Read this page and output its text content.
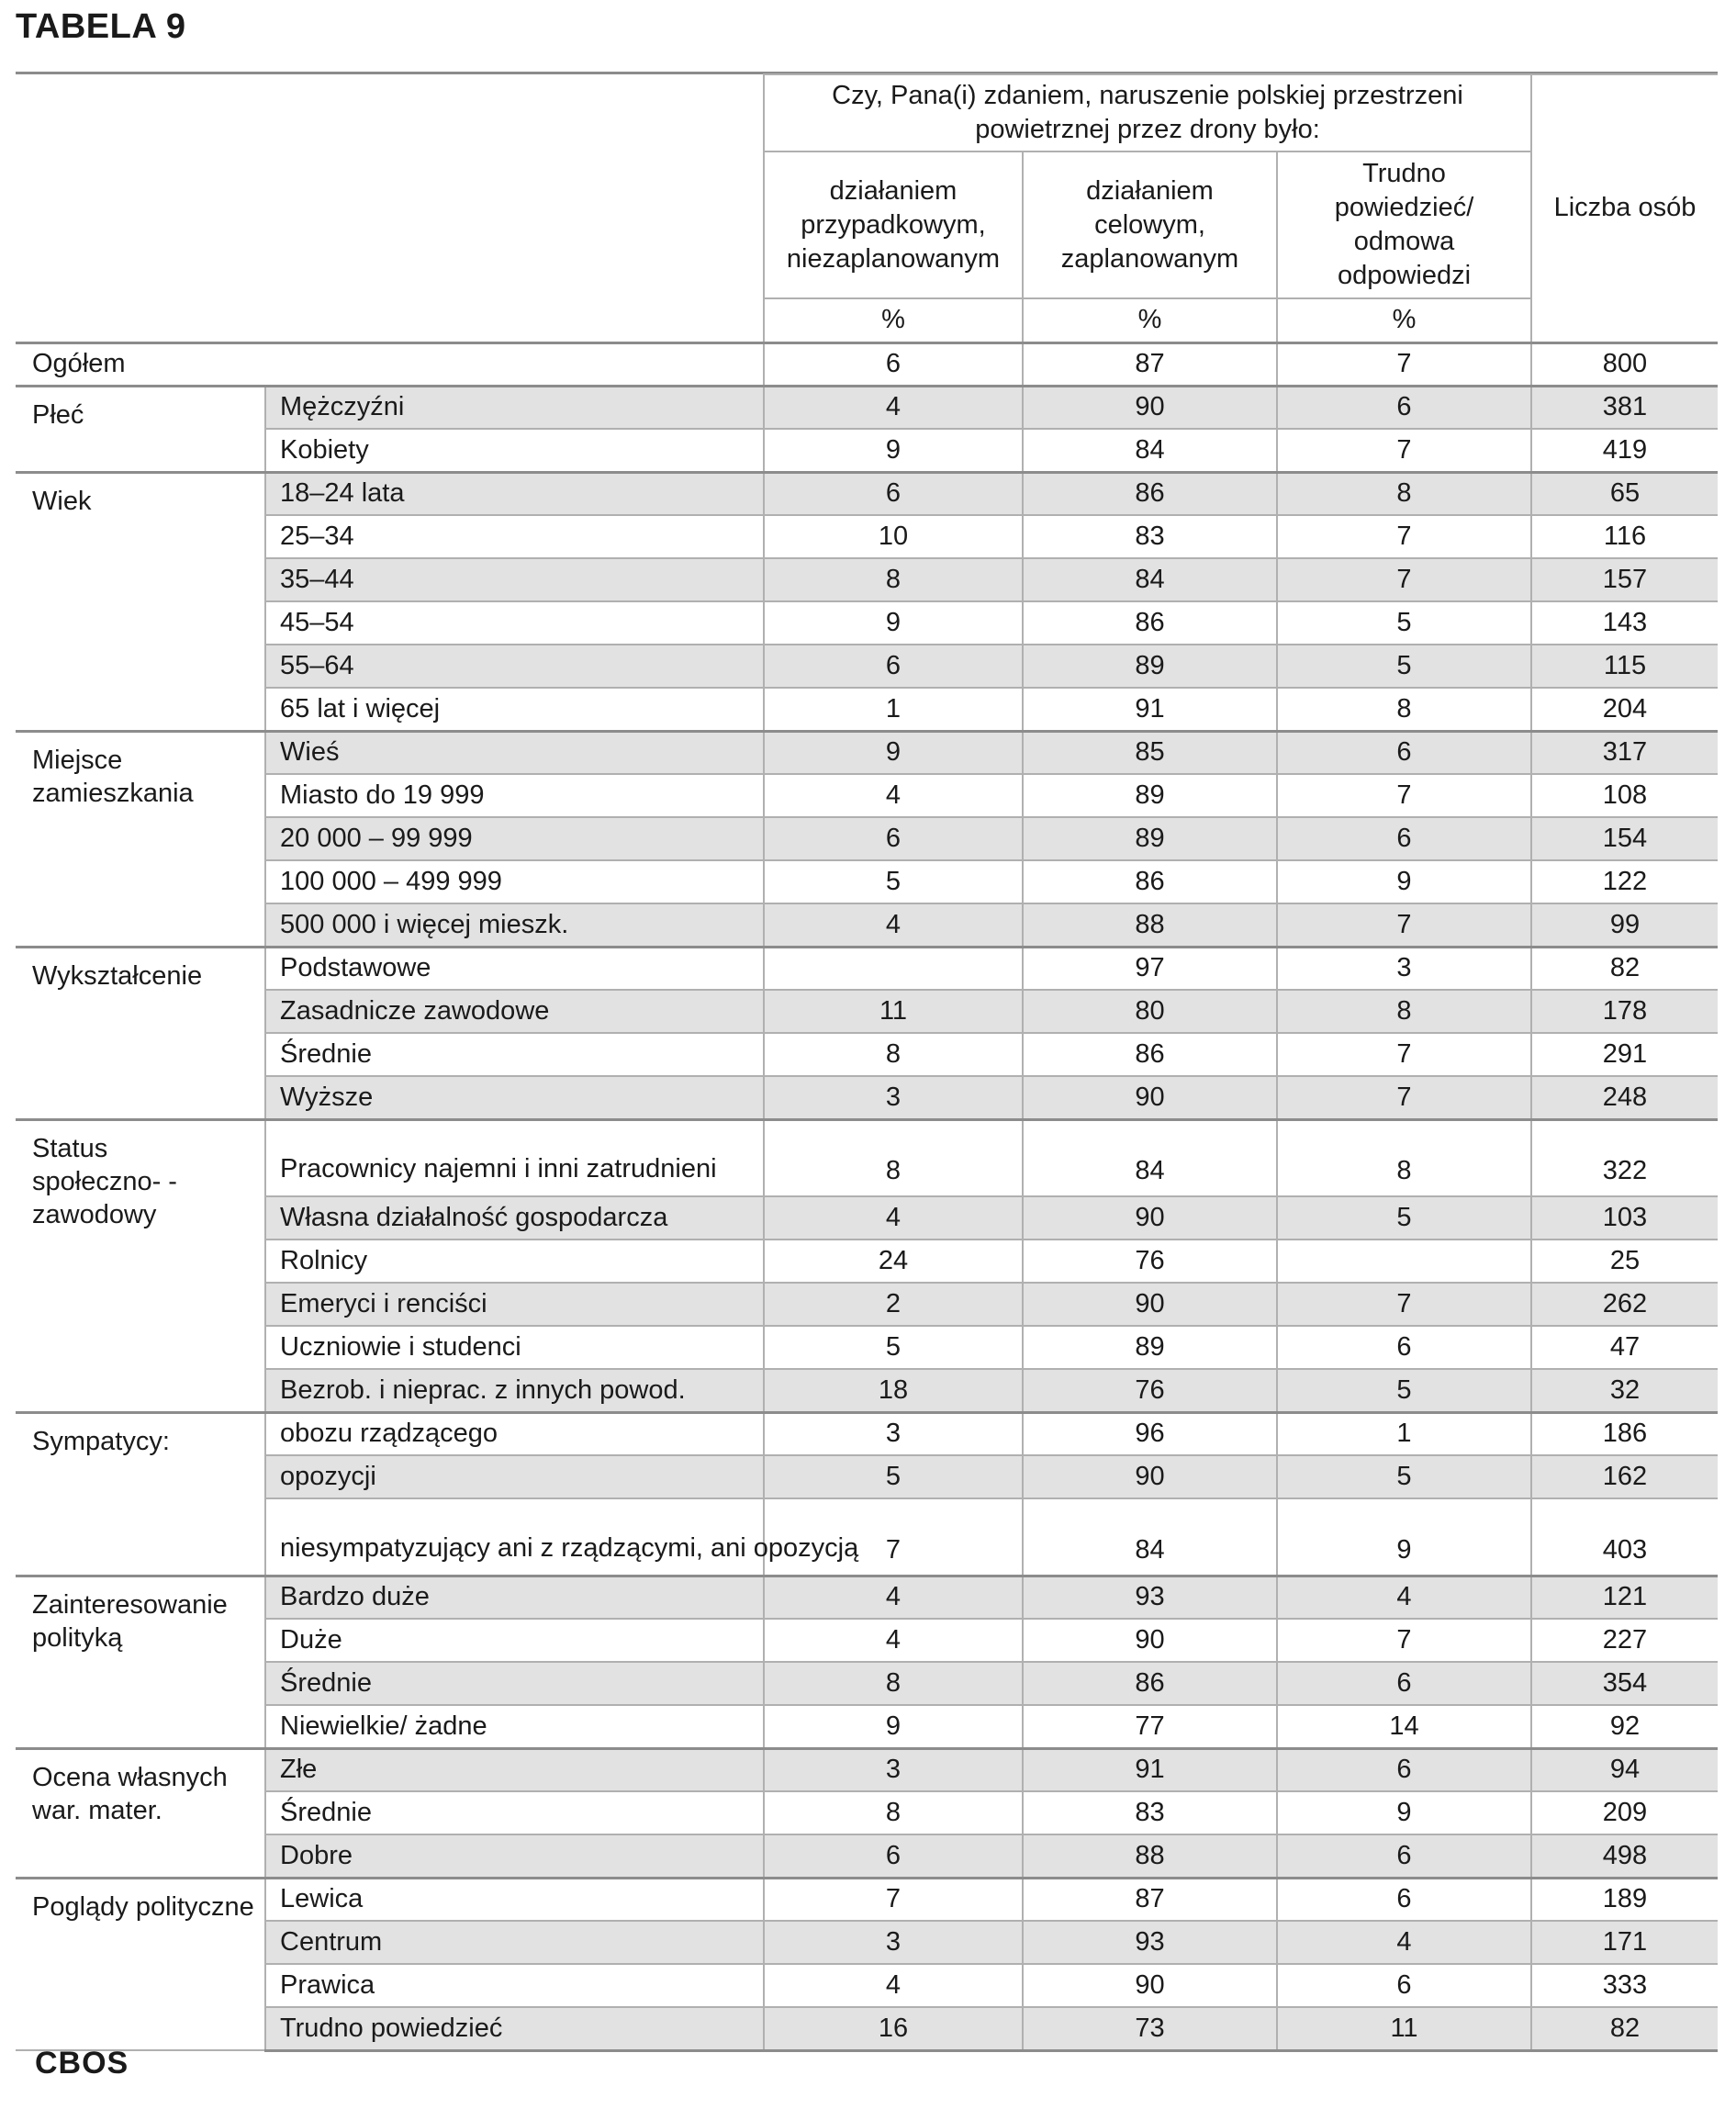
TABELA 9
		Czy, Pana(i) zdaniem, naruszenie polskiej przestrzeni powietrznej przez drony było:			Liczba osób
		działaniem przypadkowym, niezaplanowanym	działaniem celowym, zaplanowanym	Trudno powiedzieć/ odmowa odpowiedzi	
		%	%	%	
Ogółem		6	87	7	800
Płeć	Mężczyźni	4	90	6	381
	Kobiety	9	84	7	419
Wiek	18–24 lata	6	86	8	65
	25–34	10	83	7	116
	35–44	8	84	7	157
	45–54	9	86	5	143
	55–64	6	89	5	115
	65 lat i więcej	1	91	8	204
Miejsce zamieszkania	Wieś	9	85	6	317
	Miasto do 19 999	4	89	7	108
	20 000 – 99 999	6	89	6	154
	100 000 – 499 999	5	86	9	122
	500 000 i więcej mieszk.	4	88	7	99
Wykształcenie	Podstawowe		97	3	82
	Zasadnicze zawodowe	11	80	8	178
	Średnie	8	86	7	291
	Wyższe	3	90	7	248
Status społeczno- -zawodowy	Pracownicy najemni i inni zatrudnieni	8	84	8	322
	Własna działalność gospodarcza	4	90	5	103
	Rolnicy	24	76		25
	Emeryci i renciści	2	90	7	262
	Uczniowie i studenci	5	89	6	47
	Bezrob. i nieprac. z innych powod.	18	76	5	32
Sympatycy:	obozu rządzącego	3	96	1	186
	opozycji	5	90	5	162
	niesympatyzujący ani z rządzącymi, ani opozycją	7	84	9	403
Zainteresowanie polityką	Bardzo duże	4	93	4	121
	Duże	4	90	7	227
	Średnie	8	86	6	354
	Niewielkie/ żadne	9	77	14	92
Ocena własnych war. mater.	Złe	3	91	6	94
	Średnie	8	83	9	209
	Dobre	6	88	6	498
Poglądy polityczne	Lewica	7	87	6	189
	Centrum	3	93	4	171
	Prawica	4	90	6	333
	Trudno powiedzieć	16	73	11	82
CBOS
